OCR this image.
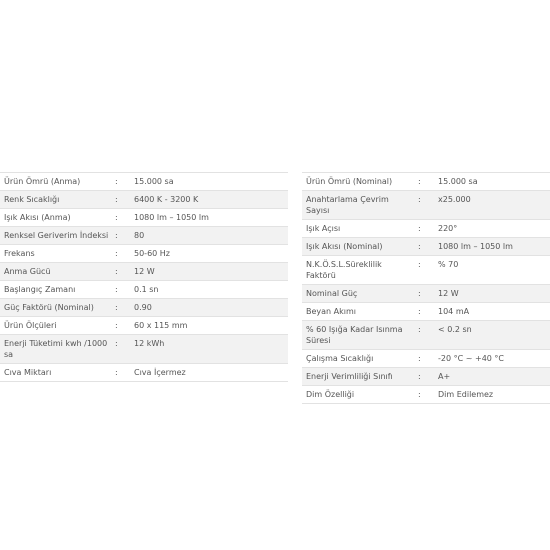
Ürün Ömrü (Anma)	:	15.000 sa
Renk Sıcaklığı	:	6400 K - 3200 K
Işık Akısı (Anma)	:	1080 lm – 1050 lm
Renksel Geriverim İndeksi	:	80
Frekans	:	50-60 Hz
Anma Gücü	:	12 W
Başlangıç Zamanı	:	0.1 sn
Güç Faktörü (Nominal)	:	0.90
Ürün Ölçüleri	:	60 x 115 mm
Enerji Tüketimi kwh /1000 sa	:	12 kWh
Cıva Miktarı	:	Cıva İçermez
Ürün Ömrü (Nominal)	:	15.000 sa
Anahtarlama Çevrim Sayısı	:	x25.000
Işık Açısı	:	220°
Işık Akısı (Nominal)	:	1080 lm – 1050 lm
N.K.Ö.S.L.Süreklilik Faktörü	:	% 70
Nominal Güç	:	12 W
Beyan Akımı	:	104 mA
% 60 Işığa Kadar Isınma Süresi	:	< 0.2 sn
Çalışma Sıcaklığı	:	-20 °C ~ +40 °C
Enerji Verimliliği Sınıfı	:	A+
Dim Özelliği	:	Dim Edilemez
